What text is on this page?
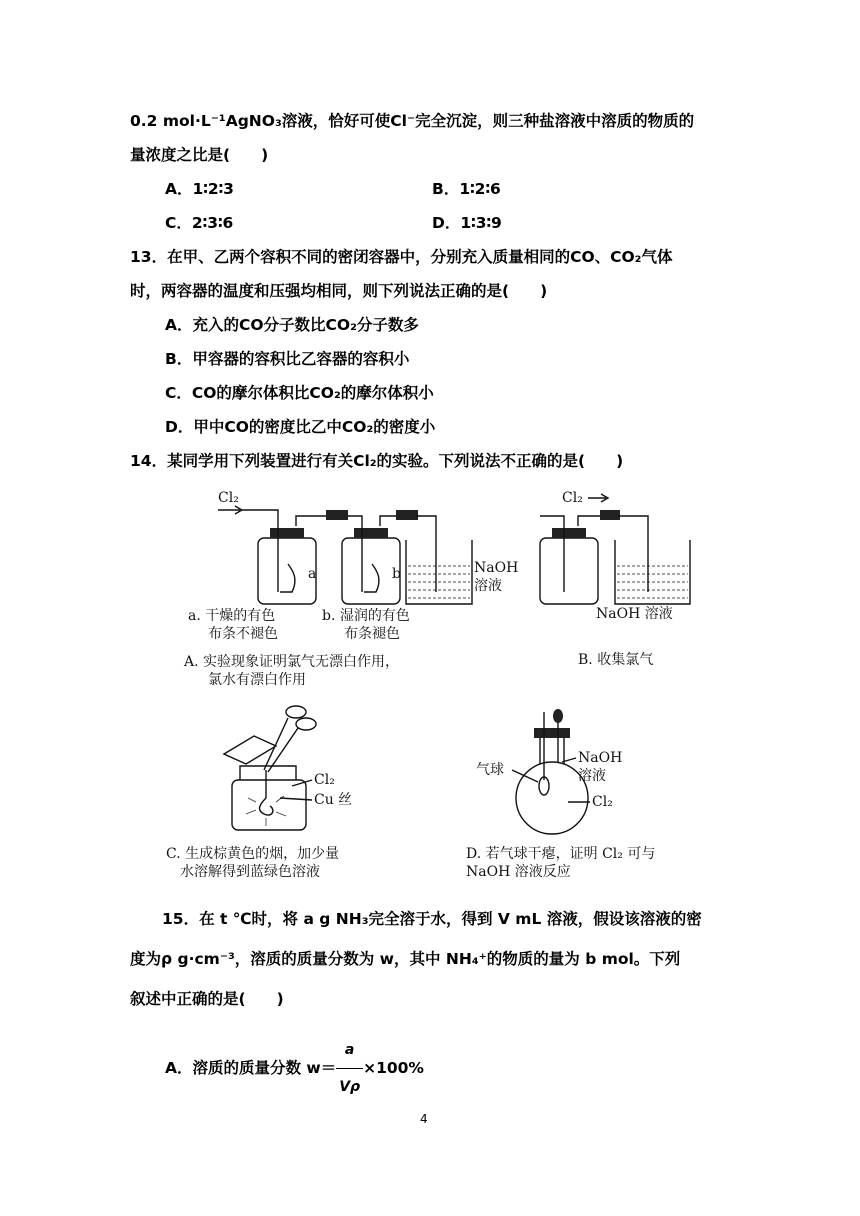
0.2 mol·L⁻¹AgNO₃溶液，恰好可使Cl⁻完全沉淀，则三种盐溶液中溶质的物质的
量浓度之比是(　　)
A．1∶2∶3	B．1∶2∶6
C．2∶3∶6	D．1∶3∶9
13．在甲、乙两个容积不同的密闭容器中，分别充入质量相同的CO、CO₂气体
时，两容器的温度和压强均相同，则下列说法正确的是(　　)
A．充入的CO分子数比CO₂分子数多
B．甲容器的容积比乙容器的容积小
C．CO的摩尔体积比CO₂的摩尔体积小
D．甲中CO的密度比乙中CO₂的密度小
14．某同学用下列装置进行有关Cl₂的实验。下列说法不正确的是(　　)
Cl₂
a	b	NaOH
溶液
a. 干燥的有色
布条不褪色
b. 湿润的有色
布条褪色
A. 实验现象证明氯气无漂白作用，
氯水有漂白作用
Cl₂
NaOH 溶液
B. 收集氯气
Cl₂
Cu 丝
C. 生成棕黄色的烟，加少量
水溶解得到蓝绿色溶液
气球
NaOH
溶液
Cl₂
D. 若气球干瘪，证明 Cl₂ 可与
NaOH 溶液反应
15．在 t ℃时，将 a g NH₃完全溶于水，得到 V mL 溶液，假设该溶液的密
度为ρ g·cm⁻³，溶质的质量分数为 w，其中 NH₄⁺的物质的量为 b mol。下列
叙述中正确的是(　　)
A．溶质的质量分数 $w= \frac{a}{V\rho} \times 100\%$
4
